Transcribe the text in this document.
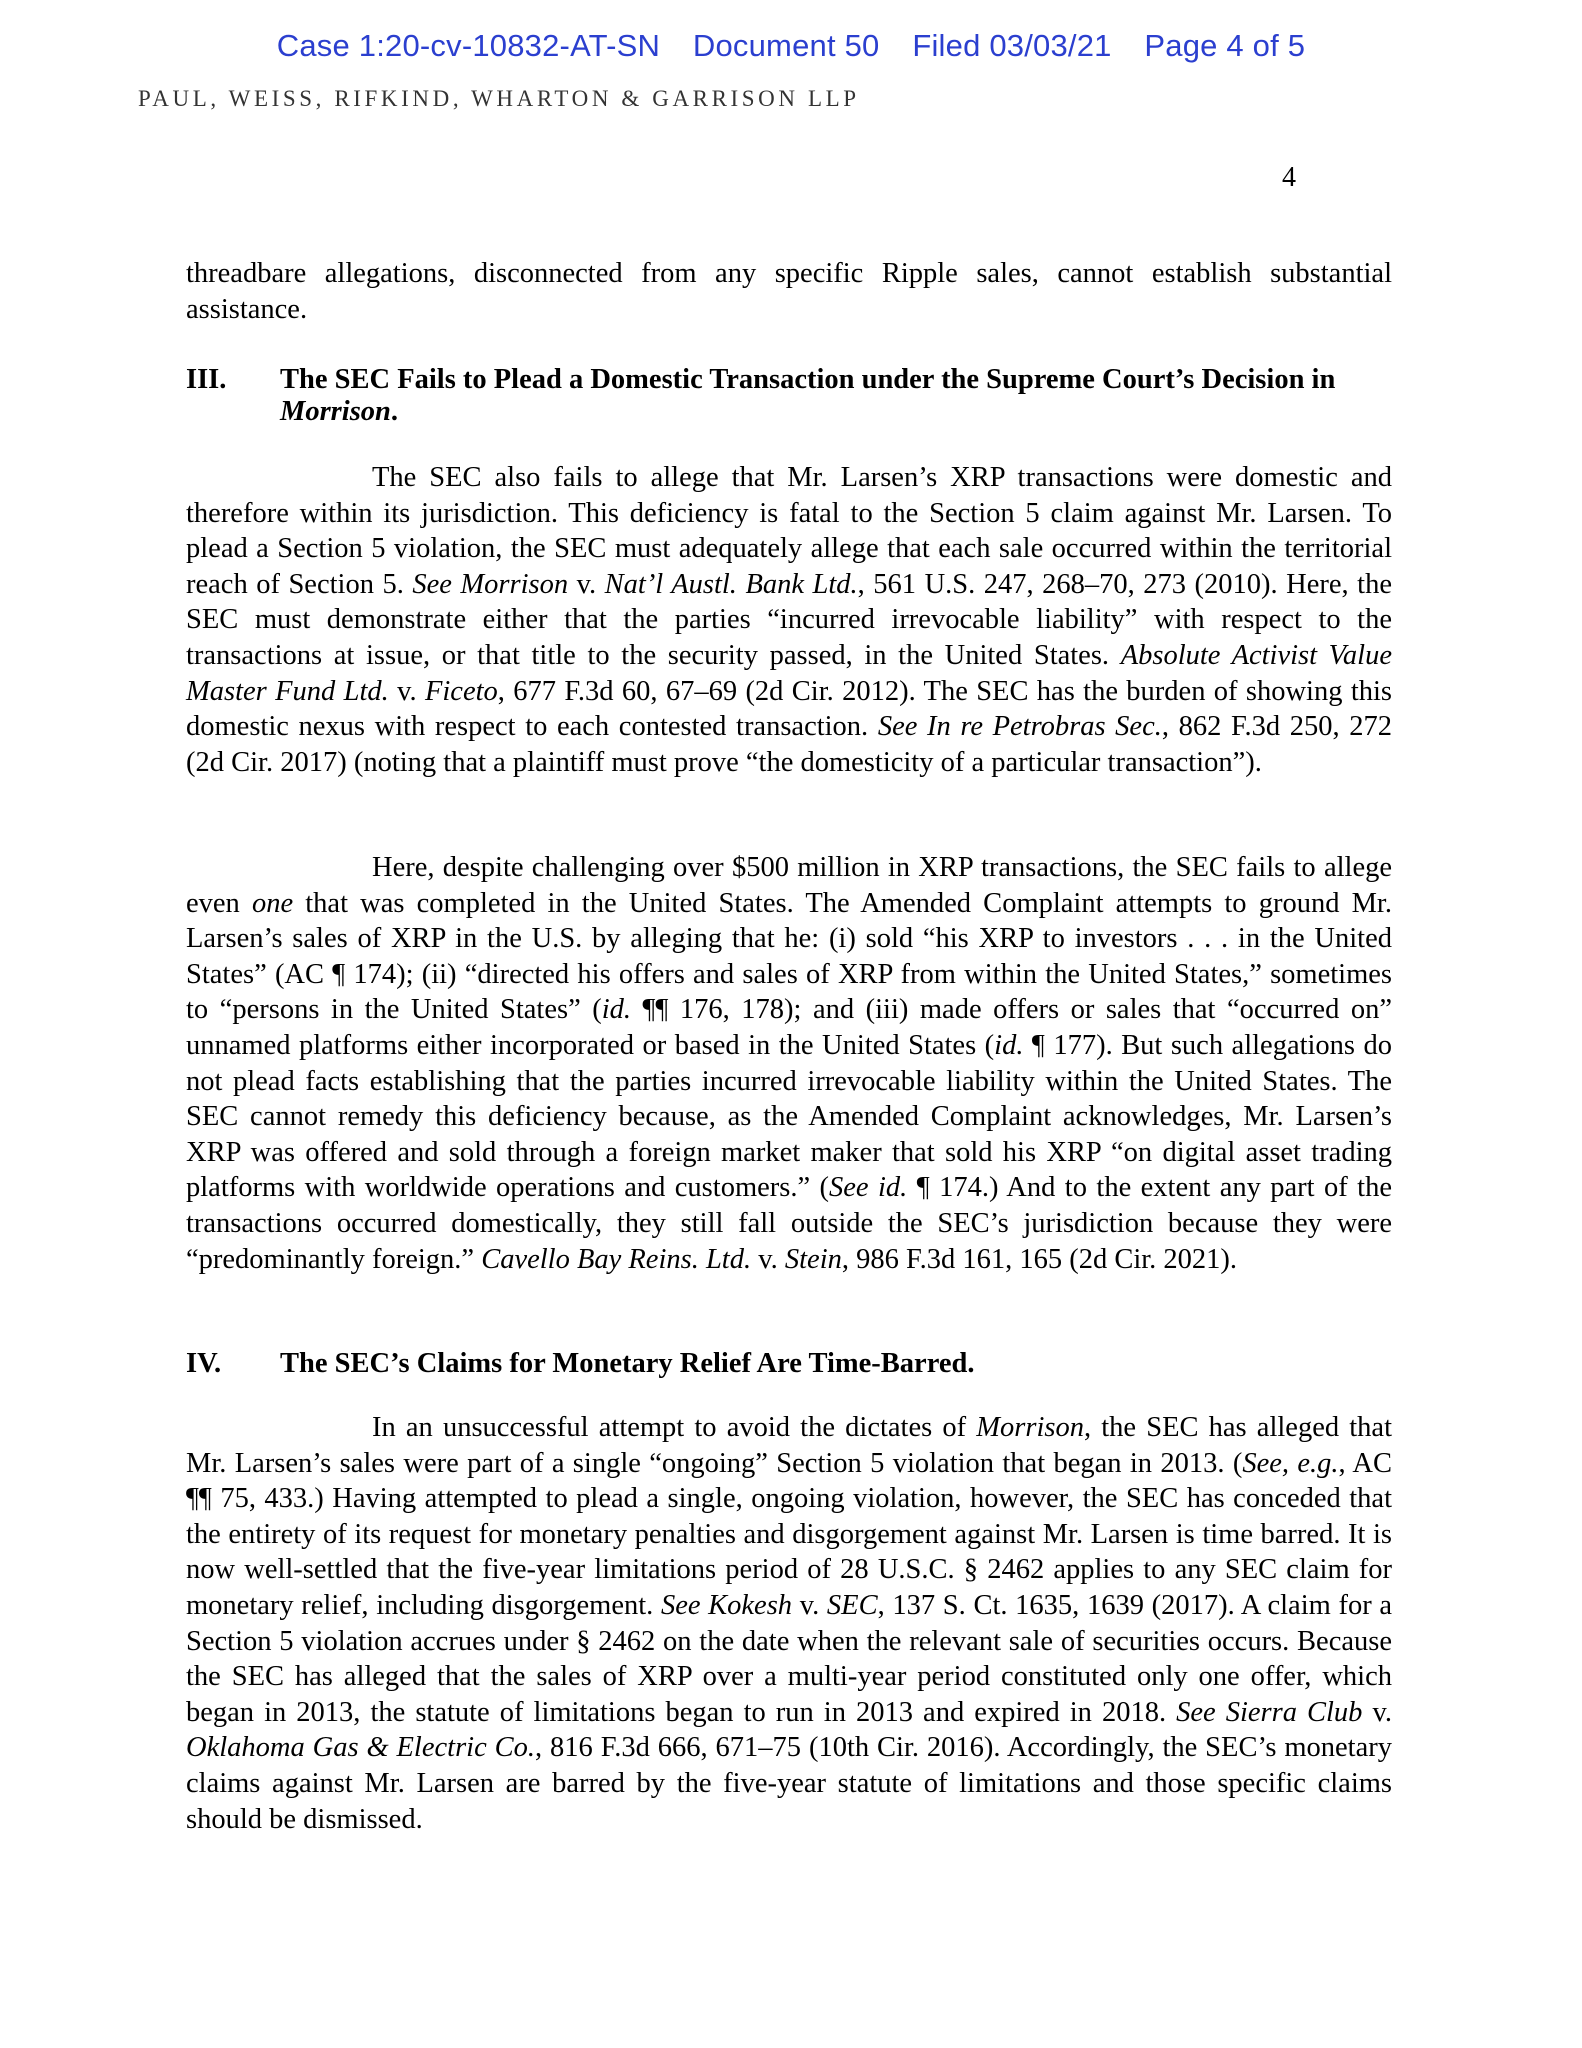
Case 1:20-cv-10832-AT-SN Document 50 Filed 03/03/21 Page 4 of 5
PAUL, WEISS, RIFKIND, WHARTON & GARRISON LLP
4
threadbare allegations, disconnected from any specific Ripple sales, cannot establish substantial assistance.
III. The SEC Fails to Plead a Domestic Transaction under the Supreme Court’s Decision in Morrison.
The SEC also fails to allege that Mr. Larsen’s XRP transactions were domestic and therefore within its jurisdiction. This deficiency is fatal to the Section 5 claim against Mr. Larsen. To plead a Section 5 violation, the SEC must adequately allege that each sale occurred within the territorial reach of Section 5. See Morrison v. Nat’l Austl. Bank Ltd., 561 U.S. 247, 268–70, 273 (2010). Here, the SEC must demonstrate either that the parties “incurred irrevocable liability” with respect to the transactions at issue, or that title to the security passed, in the United States. Absolute Activist Value Master Fund Ltd. v. Ficeto, 677 F.3d 60, 67–69 (2d Cir. 2012). The SEC has the burden of showing this domestic nexus with respect to each contested transaction. See In re Petrobras Sec., 862 F.3d 250, 272 (2d Cir. 2017) (noting that a plaintiff must prove “the domesticity of a particular transaction”).
Here, despite challenging over $500 million in XRP transactions, the SEC fails to allege even one that was completed in the United States. The Amended Complaint attempts to ground Mr. Larsen’s sales of XRP in the U.S. by alleging that he: (i) sold “his XRP to investors . . . in the United States” (AC ¶ 174); (ii) “directed his offers and sales of XRP from within the United States,” sometimes to “persons in the United States” (id. ¶¶ 176, 178); and (iii) made offers or sales that “occurred on” unnamed platforms either incorporated or based in the United States (id. ¶ 177). But such allegations do not plead facts establishing that the parties incurred irrevocable liability within the United States. The SEC cannot remedy this deficiency because, as the Amended Complaint acknowledges, Mr. Larsen’s XRP was offered and sold through a foreign market maker that sold his XRP “on digital asset trading platforms with worldwide operations and customers.” (See id. ¶ 174.) And to the extent any part of the transactions occurred domestically, they still fall outside the SEC’s jurisdiction because they were “predominantly foreign.” Cavello Bay Reins. Ltd. v. Stein, 986 F.3d 161, 165 (2d Cir. 2021).
IV. The SEC’s Claims for Monetary Relief Are Time-Barred.
In an unsuccessful attempt to avoid the dictates of Morrison, the SEC has alleged that Mr. Larsen’s sales were part of a single “ongoing” Section 5 violation that began in 2013. (See, e.g., AC ¶¶ 75, 433.) Having attempted to plead a single, ongoing violation, however, the SEC has conceded that the entirety of its request for monetary penalties and disgorgement against Mr. Larsen is time barred. It is now well-settled that the five-year limitations period of 28 U.S.C. § 2462 applies to any SEC claim for monetary relief, including disgorgement. See Kokesh v. SEC, 137 S. Ct. 1635, 1639 (2017). A claim for a Section 5 violation accrues under § 2462 on the date when the relevant sale of securities occurs. Because the SEC has alleged that the sales of XRP over a multi-year period constituted only one offer, which began in 2013, the statute of limitations began to run in 2013 and expired in 2018. See Sierra Club v. Oklahoma Gas & Electric Co., 816 F.3d 666, 671–75 (10th Cir. 2016). Accordingly, the SEC’s monetary claims against Mr. Larsen are barred by the five-year statute of limitations and those specific claims should be dismissed.
